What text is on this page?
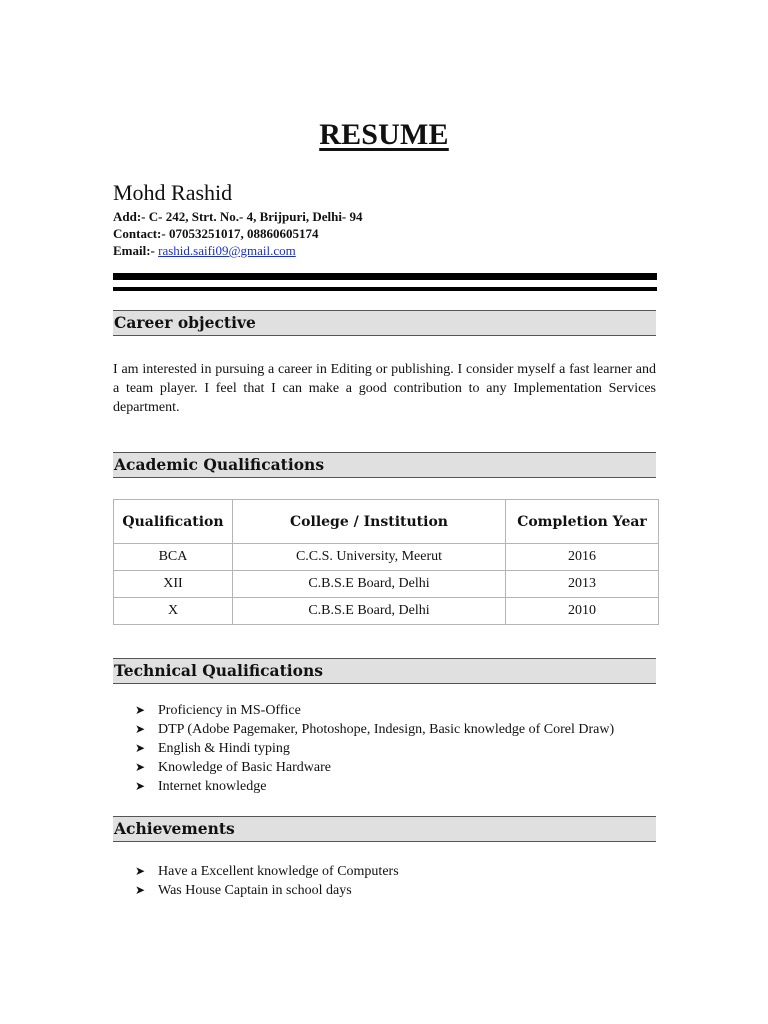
RESUME
Mohd Rashid
Add:- C- 242, Strt. No.- 4, Brijpuri, Delhi- 94
Contact:- 07053251017, 08860605174
Email:- rashid.saifi09@gmail.com
Career objective
I am interested in pursuing a career in Editing or publishing. I consider myself a fast learner and a team player. I feel that I can make a good contribution to any Implementation Services department.
Academic Qualifications
Qualification	College / Institution	Completion Year
BCA	C.C.S. University, Meerut	2016
XII	C.B.S.E Board, Delhi	2013
X	C.B.S.E Board, Delhi	2010
Technical Qualifications
➤ Proficiency in MS-Office
➤ DTP (Adobe Pagemaker, Photoshope, Indesign, Basic knowledge of Corel Draw)
➤ English & Hindi typing
➤ Knowledge of Basic Hardware
➤ Internet knowledge
Achievements
➤ Have a Excellent knowledge of Computers
➤ Was House Captain in school days
